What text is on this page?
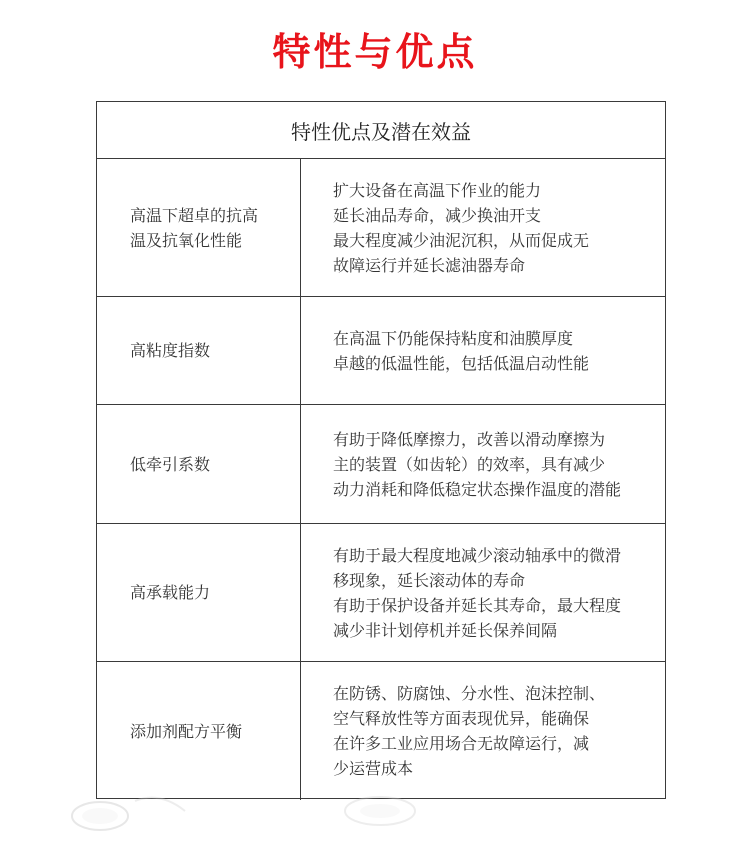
特性与优点
特性优点及潜在效益
高温下超卓的抗高温及抗氧化性能
扩大设备在高温下作业的能力
延长油品寿命，减少换油开支
最大程度减少油泥沉积，从而促成无
故障运行并延长滤油器寿命
高粘度指数
在高温下仍能保持粘度和油膜厚度
卓越的低温性能，包括低温启动性能
低牵引系数
有助于降低摩擦力，改善以滑动摩擦为
主的装置（如齿轮）的效率，具有减少
动力消耗和降低稳定状态操作温度的潜能
高承载能力
有助于最大程度地减少滚动轴承中的微滑
移现象，延长滚动体的寿命
有助于保护设备并延长其寿命，最大程度
减少非计划停机并延长保养间隔
添加剂配方平衡
在防锈、防腐蚀、分水性、泡沫控制、
空气释放性等方面表现优异，能确保
在许多工业应用场合无故障运行，减
少运营成本
